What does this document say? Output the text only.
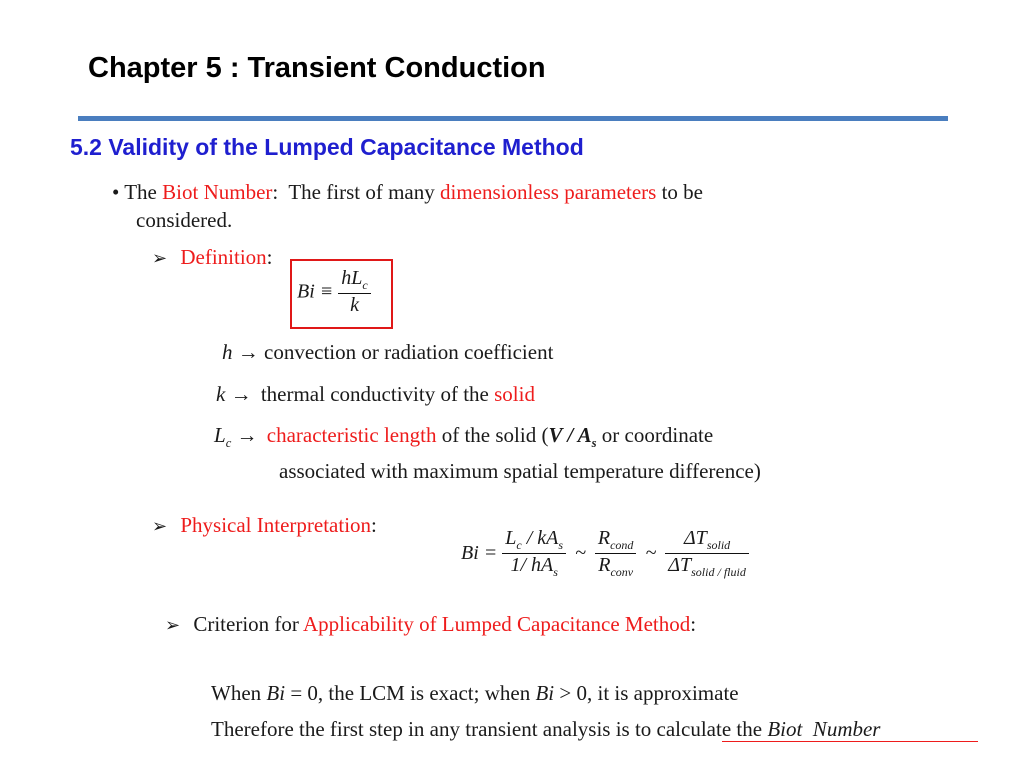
Chapter 5 : Transient Conduction
5.2 Validity of the Lumped Capacitance Method
• The Biot Number:  The first of many dimensionless parameters to be
considered.
➢ Definition:
$Bi \equiv \frac{hL_c}{k}$
h → convection or radiation coefficient
k → thermal conductivity of the solid
$L_c$ → characteristic length of the solid ($V / A_s$ or coordinate
associated with maximum spatial temperature difference)
➢ Physical Interpretation:
$Bi = \frac{L_c / kA_s}{1/ hA_s}$ ~ $\frac{R_{cond}}{R_{conv}}$ ~ $\frac{\Delta T_{solid}}{\Delta T_{solid / fluid}}$
➢ Criterion for Applicability of Lumped Capacitance Method:
When Bi = 0, the LCM is exact; when Bi > 0, it is approximate
Therefore the first step in any transient analysis is to calculate the Biot  Number
